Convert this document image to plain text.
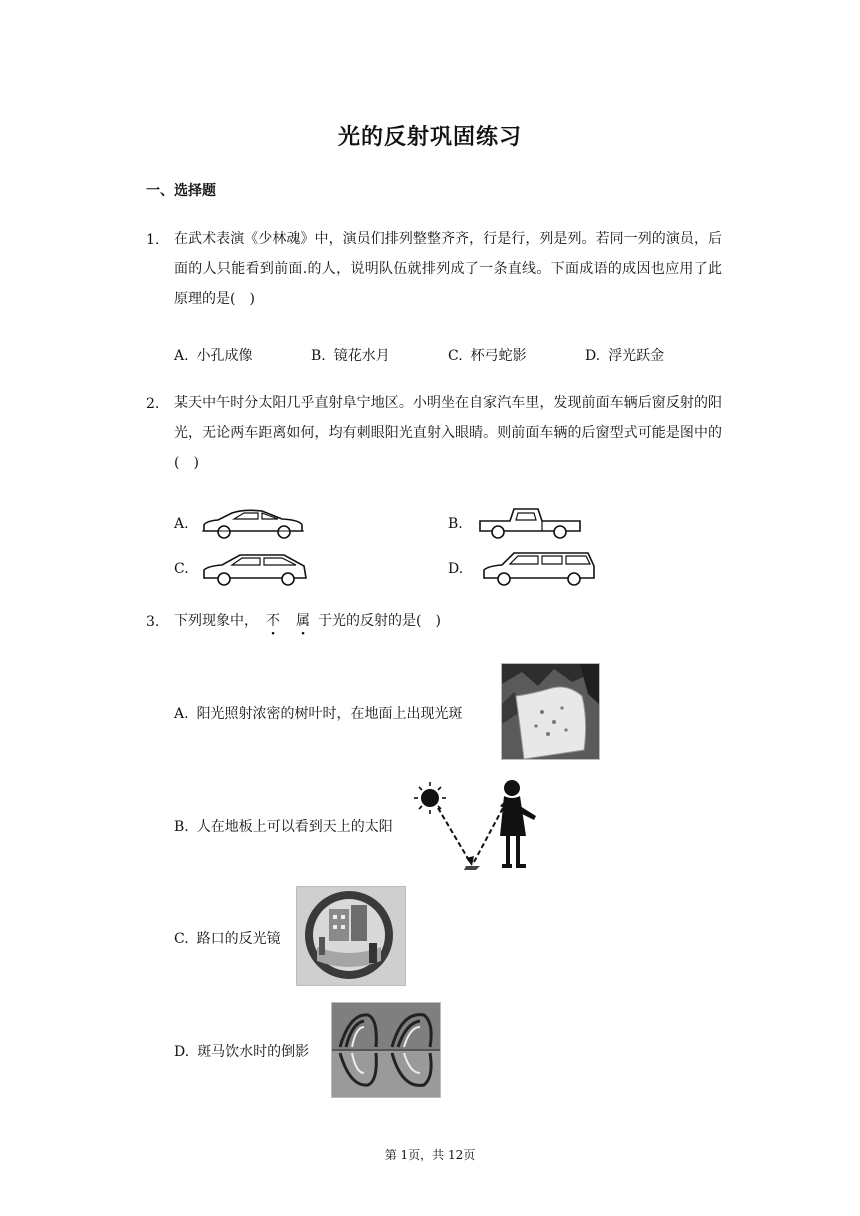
光的反射巩固练习
一、选择题
1. 在武术表演《少林魂》中，演员们排列整整齐齐，行是行，列是列。若同一列的演员，后面的人只能看到前面.的人，说明队伍就排列成了一条直线。下面成语的成因也应用了此原理的是(　)
A. 小孔成像	B. 镜花水月	C. 杯弓蛇影	D. 浮光跃金
2. 某天中午时分太阳几乎直射阜宁地区。小明坐在自家汽车里，发现前面车辆后窗反射的阳光，无论两车距离如何，均有刺眼阳光直射入眼睛。则前面车辆的后窗型式可能是图中的(　)
A.	B.
C.	D.
3. 下列现象中， 不 属 于光的反射的是(　)
A. 阳光照射浓密的树叶时，在地面上出现光斑
B. 人在地板上可以看到天上的太阳
C. 路口的反光镜
D. 斑马饮水时的倒影
第 1页，共 12页
